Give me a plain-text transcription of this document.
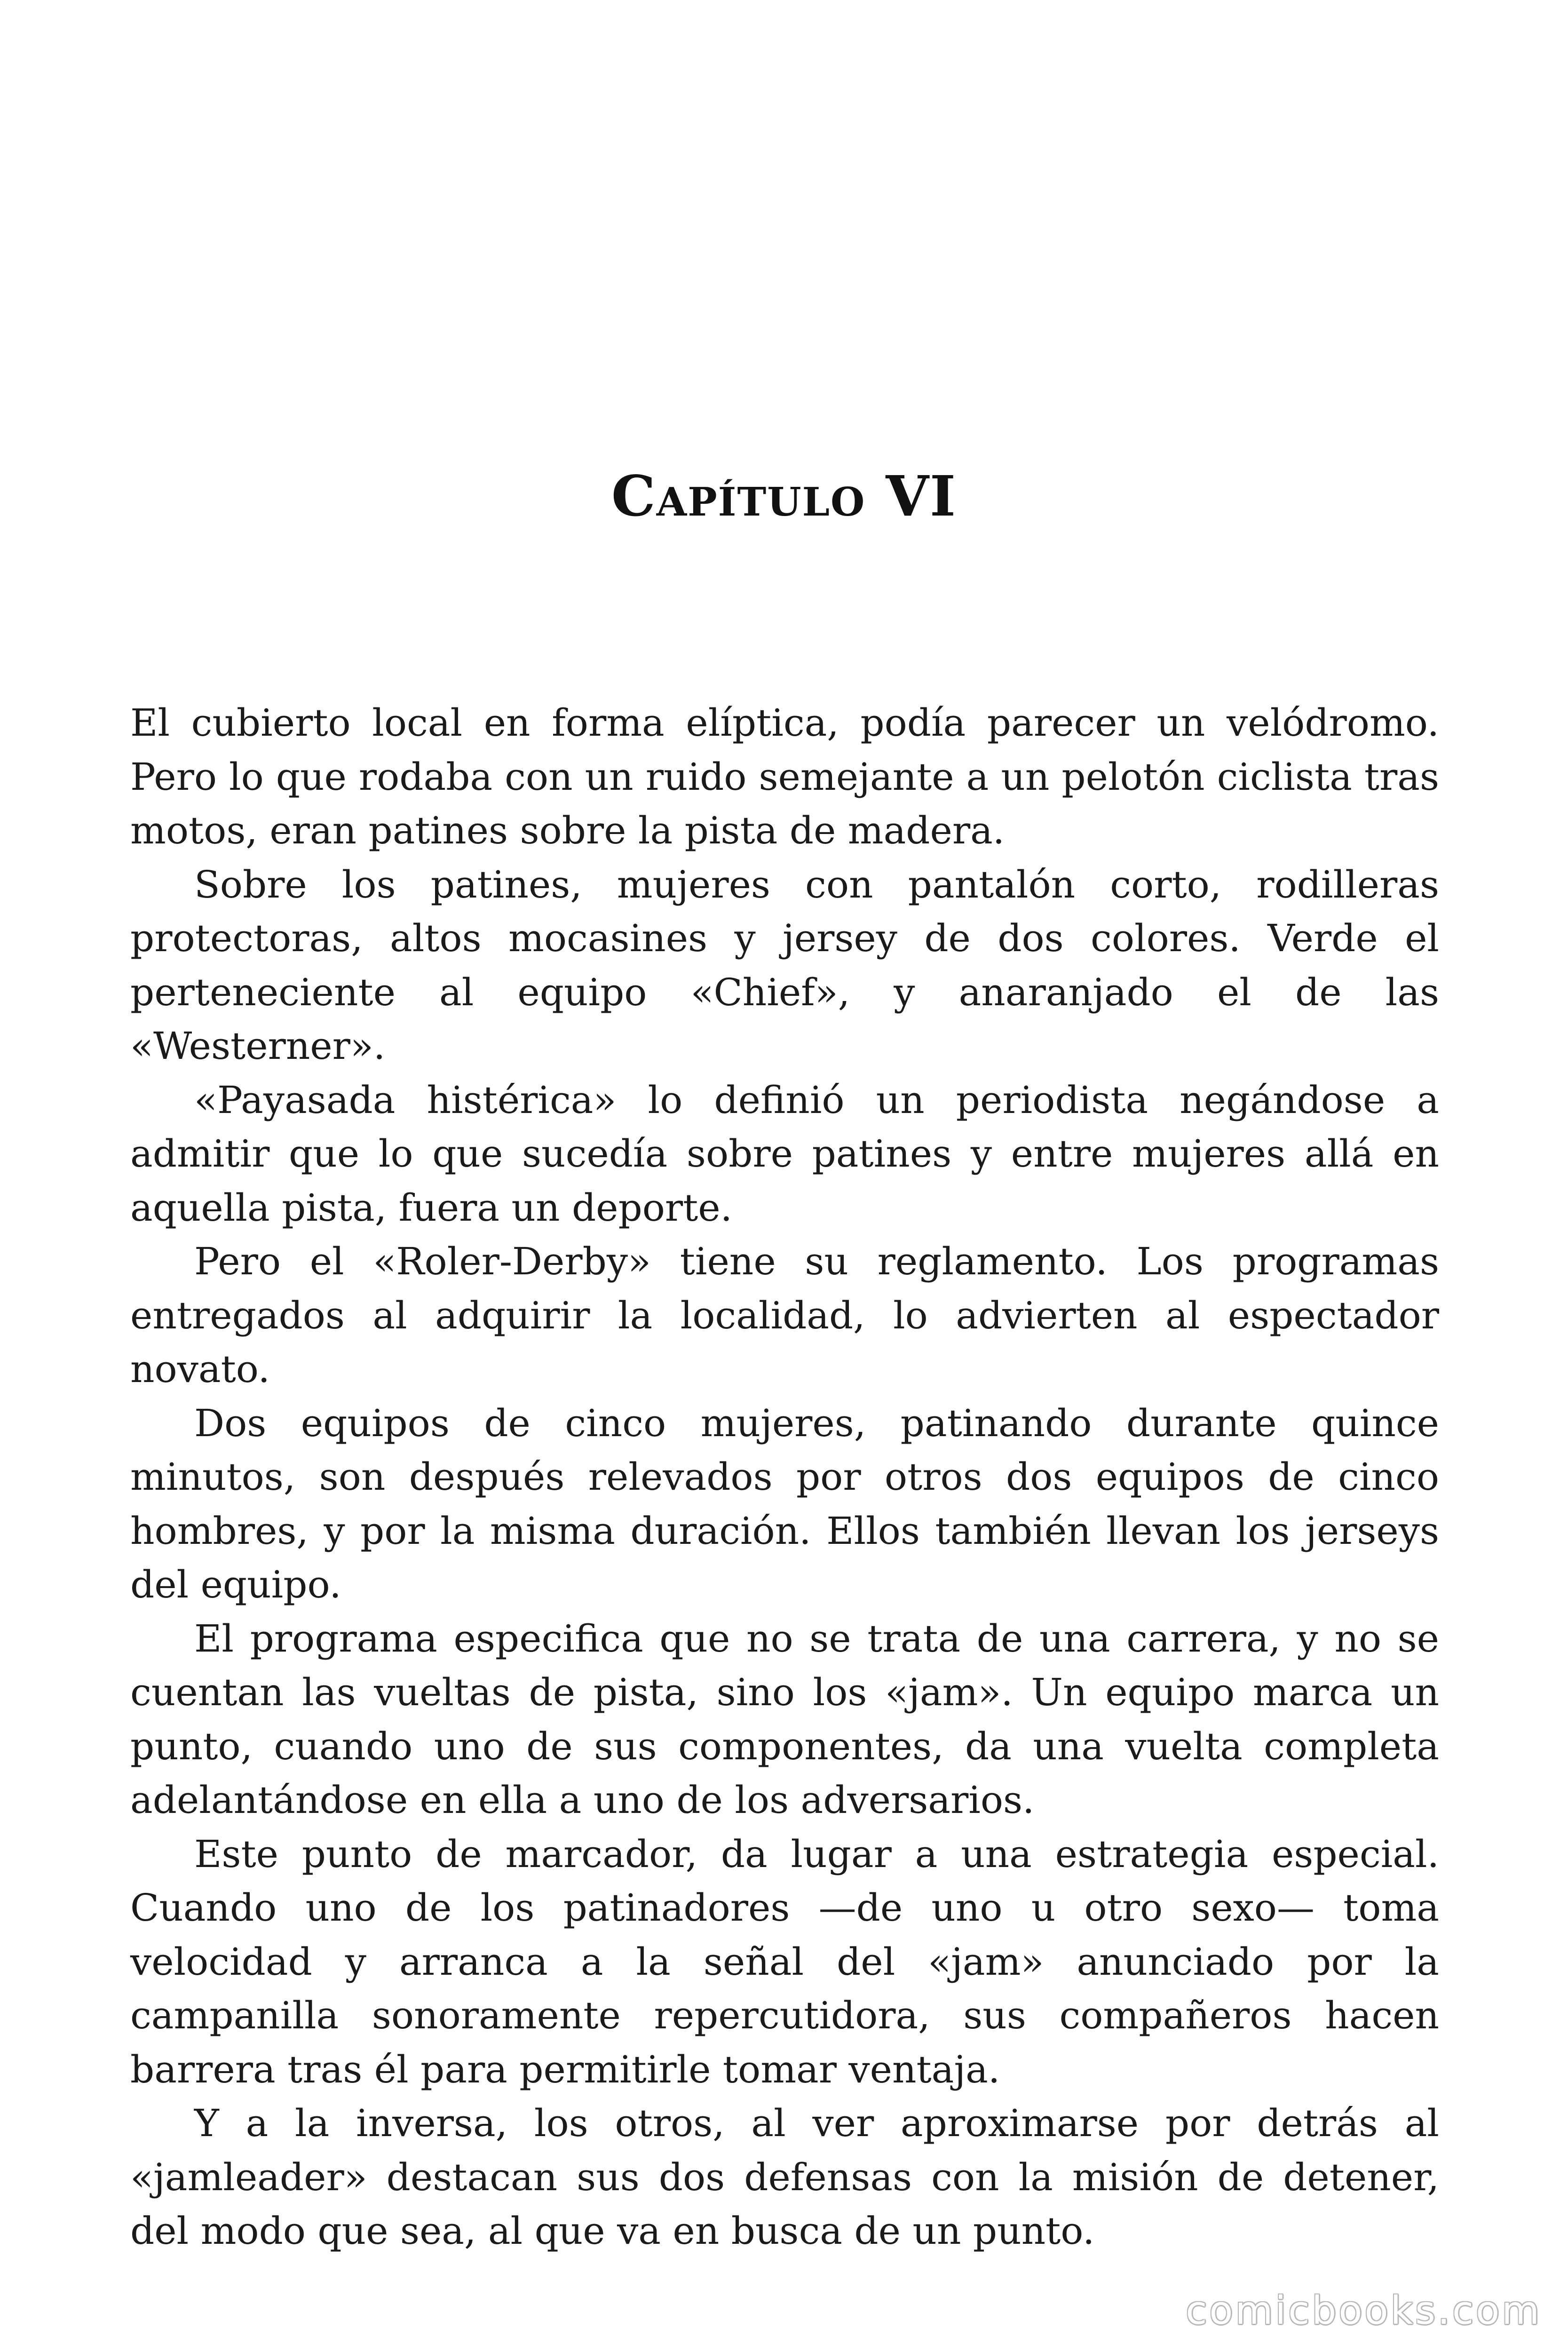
Capítulo VI

El cubierto local en forma elíptica, podía parecer un velódromo. Pero lo que rodaba con un ruido semejante a un pelotón ciclista tras motos, eran patines sobre la pista de madera.

Sobre los patines, mujeres con pantalón corto, rodilleras protectoras, altos mocasines y jersey de dos colores. Verde el perteneciente al equipo «Chief», y anaranjado el de las «Westerner».

«Payasada histérica» lo definió un periodista negándose a admitir que lo que sucedía sobre patines y entre mujeres allá en aquella pista, fuera un deporte.

Pero el «Roler-Derby» tiene su reglamento. Los programas entregados al adquirir la localidad, lo advierten al espectador novato.

Dos equipos de cinco mujeres, patinando durante quince minutos, son después relevados por otros dos equipos de cinco hombres, y por la misma duración. Ellos también llevan los jerseys del equipo.

El programa especifica que no se trata de una carrera, y no se cuentan las vueltas de pista, sino los «jam». Un equipo marca un punto, cuando uno de sus componentes, da una vuelta completa adelantándose en ella a uno de los adversarios.

Este punto de marcador, da lugar a una estrategia especial. Cuando uno de los patinadores —de uno u otro sexo— toma velocidad y arranca a la señal del «jam» anunciado por la campanilla sonoramente repercutidora, sus compañeros hacen barrera tras él para permitirle tomar ventaja.

Y a la inversa, los otros, al ver aproximarse por detrás al «jamleader» destacan sus dos defensas con la misión de detener, del modo que sea, al que va en busca de un punto.

comicbooks.com
